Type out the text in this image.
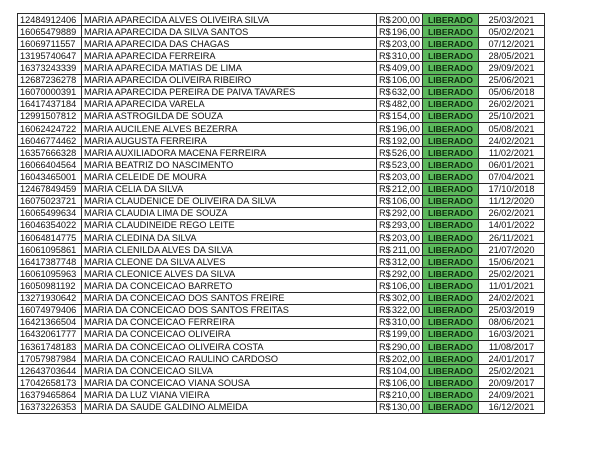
12484912406	MARIA APARECIDA ALVES OLIVEIRA SILVA	R$ 200,00	LIBERADO	25/03/2021
16065479889	MARIA APARECIDA DA SILVA SANTOS	R$ 196,00	LIBERADO	05/02/2021
16069711557	MARIA APARECIDA DAS CHAGAS	R$ 203,00	LIBERADO	07/12/2021
13195740647	MARIA APARECIDA FERREIRA	R$ 310,00	LIBERADO	28/05/2021
16373243339	MARIA APARECIDA MATIAS DE LIMA	R$ 409,00	LIBERADO	29/09/2021
12687236278	MARIA APARECIDA OLIVEIRA RIBEIRO	R$ 106,00	LIBERADO	25/06/2021
16070000391	MARIA APARECIDA PEREIRA DE PAIVA TAVARES	R$ 632,00	LIBERADO	05/06/2018
16417437184	MARIA APARECIDA VARELA	R$ 482,00	LIBERADO	26/02/2021
12991507812	MARIA ASTROGILDA DE SOUZA	R$ 154,00	LIBERADO	25/10/2021
16062424722	MARIA AUCILENE ALVES BEZERRA	R$ 196,00	LIBERADO	05/08/2021
16046774462	MARIA AUGUSTA FERREIRA	R$ 192,00	LIBERADO	24/02/2021
16357666328	MARIA AUXILIADORA MACENA FERREIRA	R$ 526,00	LIBERADO	11/02/2021
16066404564	MARIA BEATRIZ DO NASCIMENTO	R$ 523,00	LIBERADO	06/01/2021
16043465001	MARIA CELEIDE DE MOURA	R$ 203,00	LIBERADO	07/04/2021
12467849459	MARIA CELIA DA SILVA	R$ 212,00	LIBERADO	17/10/2018
16075023721	MARIA CLAUDENICE DE OLIVEIRA DA SILVA	R$ 106,00	LIBERADO	11/12/2020
16065499634	MARIA CLAUDIA LIMA DE SOUZA	R$ 292,00	LIBERADO	26/02/2021
16046354022	MARIA CLAUDINEIDE REGO LEITE	R$ 293,00	LIBERADO	14/01/2022
16064814775	MARIA CLEDINA DA SILVA	R$ 203,00	LIBERADO	26/11/2021
16061095861	MARIA CLENILDA ALVES DA SILVA	R$ 211,00	LIBERADO	21/07/2020
16417387748	MARIA CLEONE DA SILVA ALVES	R$ 312,00	LIBERADO	15/06/2021
16061095963	MARIA CLEONICE ALVES DA SILVA	R$ 292,00	LIBERADO	25/02/2021
16050981192	MARIA DA CONCEICAO BARRETO	R$ 106,00	LIBERADO	11/01/2021
13271930642	MARIA DA CONCEICAO DOS SANTOS FREIRE	R$ 302,00	LIBERADO	24/02/2021
16074979406	MARIA DA CONCEICAO DOS SANTOS FREITAS	R$ 322,00	LIBERADO	25/03/2019
16421366504	MARIA DA CONCEICAO FERREIRA	R$ 310,00	LIBERADO	08/06/2021
16432061777	MARIA DA CONCEICAO OLIVEIRA	R$ 199,00	LIBERADO	16/03/2021
16361748183	MARIA DA CONCEICAO OLIVEIRA COSTA	R$ 290,00	LIBERADO	11/08/2017
17057987984	MARIA DA CONCEICAO RAULINO CARDOSO	R$ 202,00	LIBERADO	24/01/2017
12643703644	MARIA DA CONCEICAO SILVA	R$ 104,00	LIBERADO	25/02/2021
17042658173	MARIA DA CONCEICAO VIANA SOUSA	R$ 106,00	LIBERADO	20/09/2017
16379465864	MARIA DA LUZ VIANA VIEIRA	R$ 210,00	LIBERADO	24/09/2021
16373226353	MARIA DA SAUDE GALDINO ALMEIDA	R$ 130,00	LIBERADO	16/12/2021
